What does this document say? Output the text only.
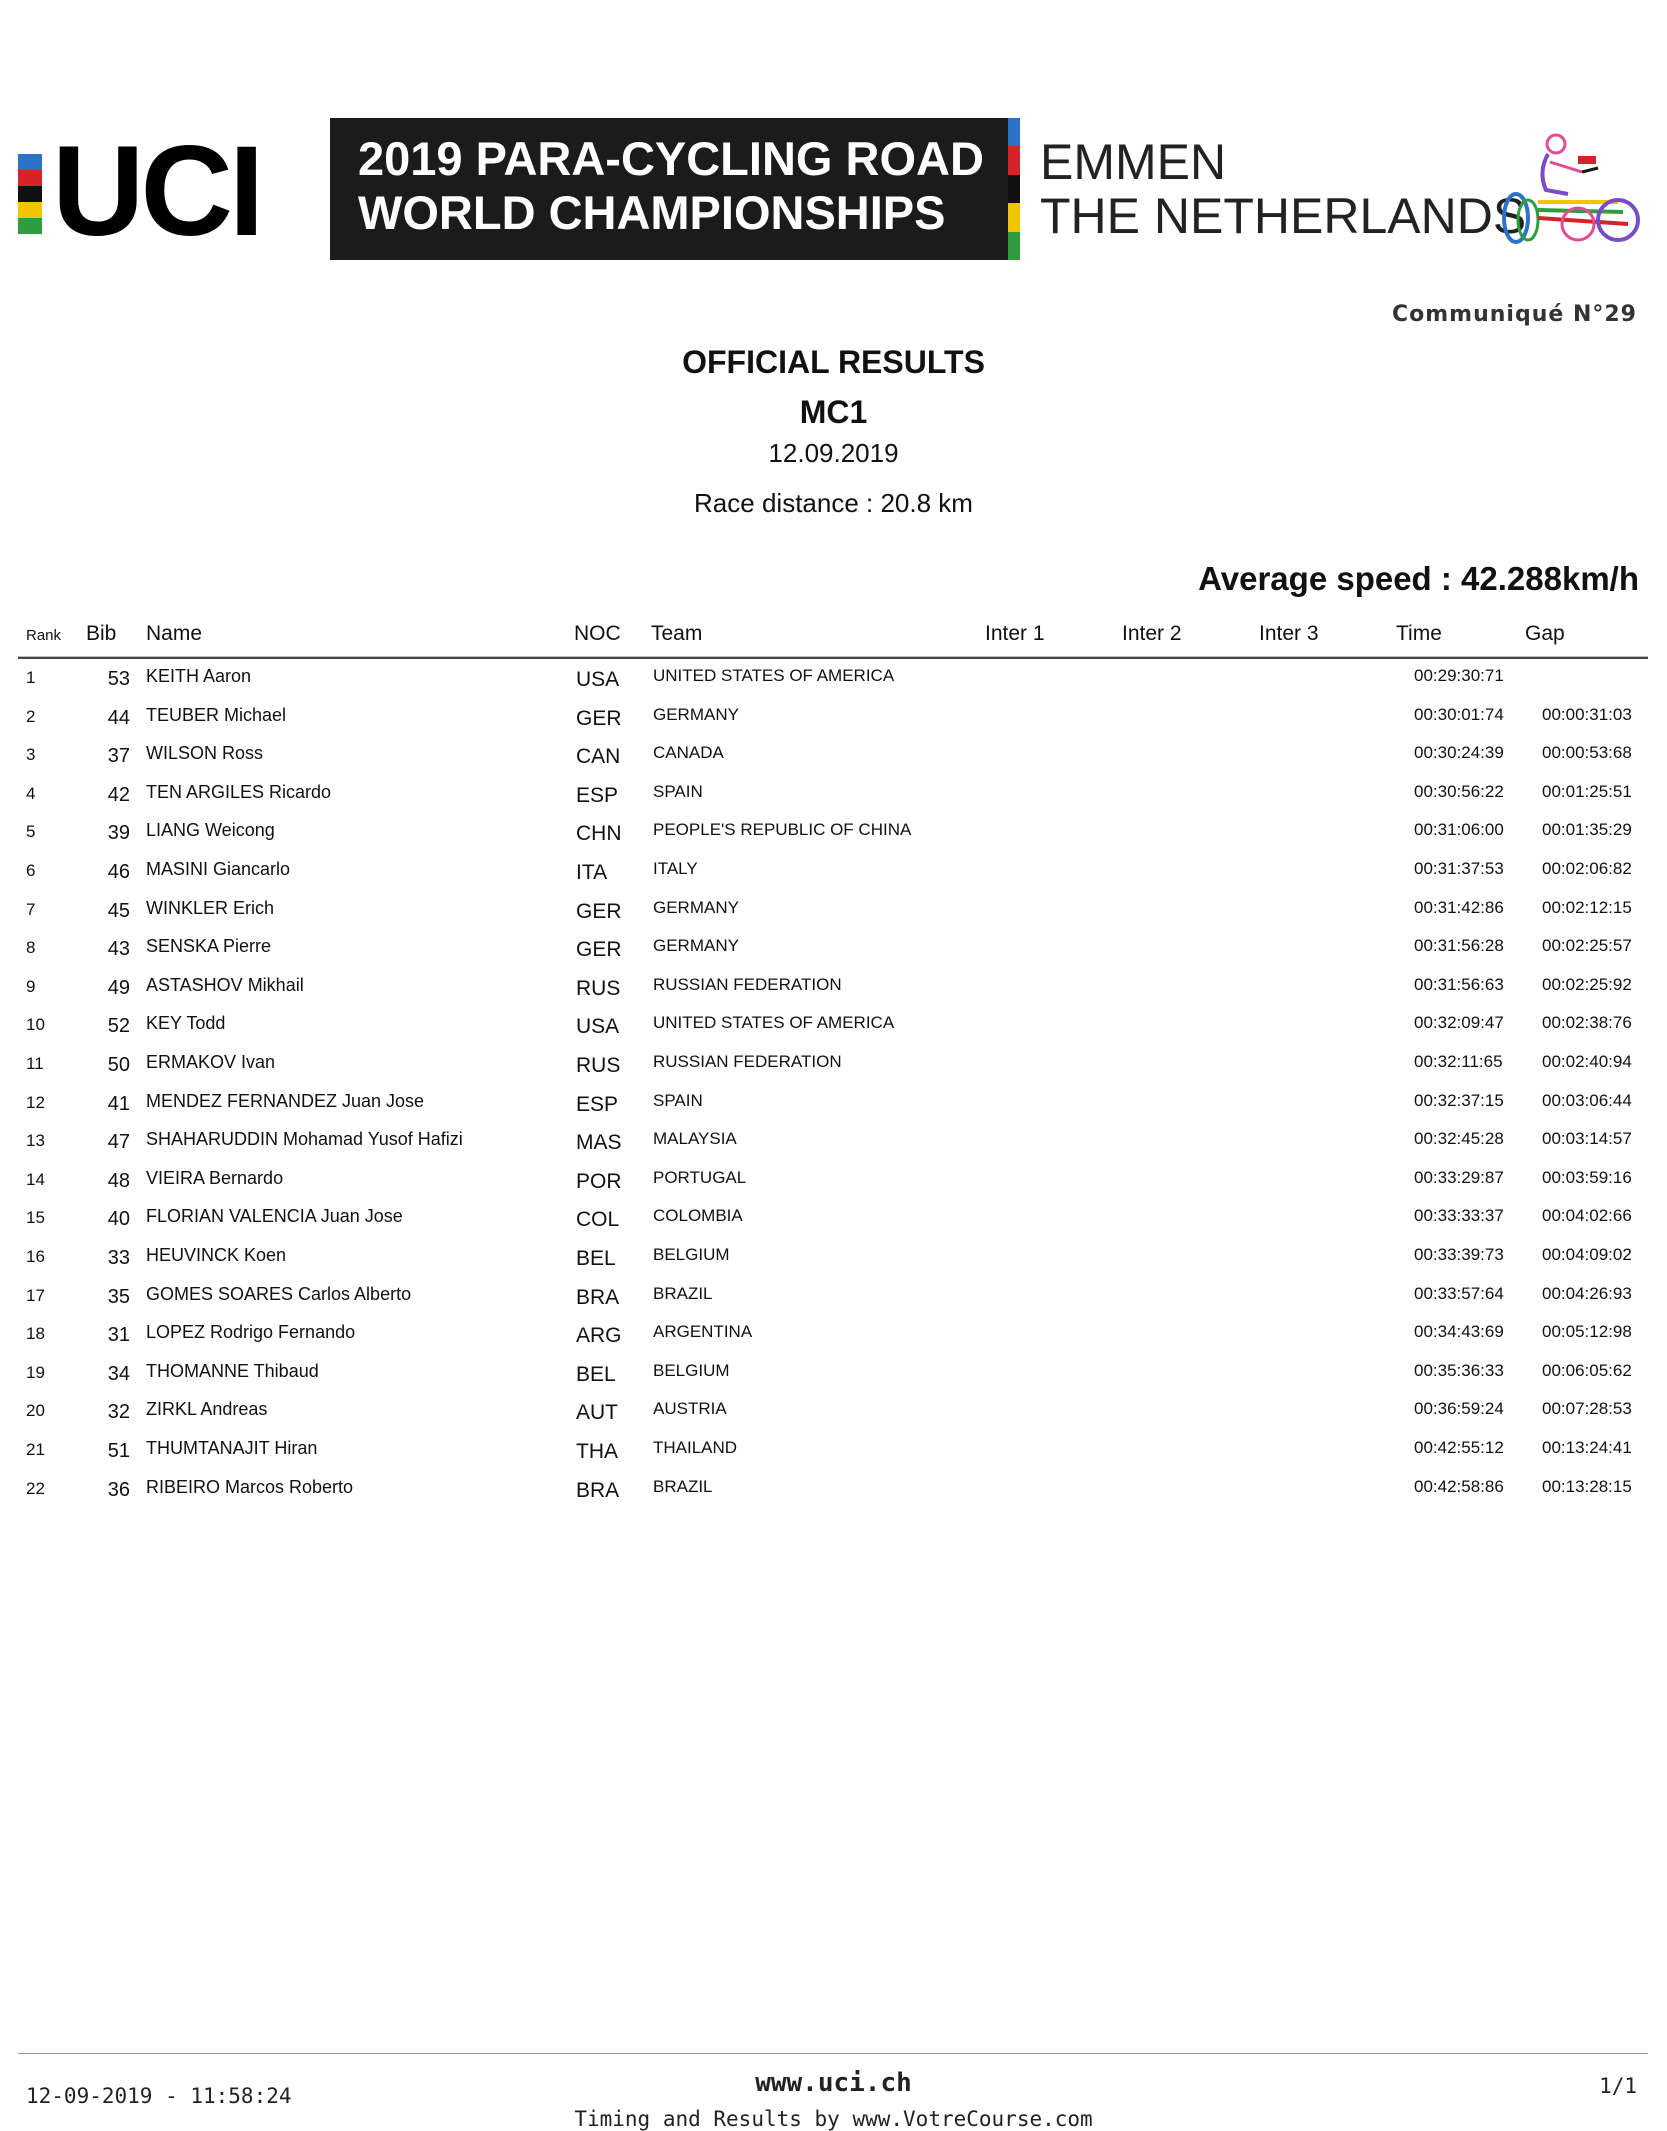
UCI 2019 PARA-CYCLING ROAD
WORLD CHAMPIONSHIPS
EMMEN
THE NETHERLANDS
Communiqué N°29
OFFICIAL RESULTS
MC1
12.09.2019
Race distance : 20.8 km
Average speed : 42.288km/h
Rank Bib Name	NOC Team	Inter 1	Inter 2	Inter 3	Time	Gap
1	53 KEITH Aaron	USA UNITED STATES OF AMERICA	00:29:30:71
2	44 TEUBER Michael	GER GERMANY	00:30:01:74 00:00:31:03
3	37 WILSON Ross	CAN CANADA	00:30:24:39 00:00:53:68
4	42 TEN ARGILES Ricardo	ESP SPAIN	00:30:56:22 00:01:25:51
5	39 LIANG Weicong	CHN PEOPLE'S REPUBLIC OF CHINA	00:31:06:00 00:01:35:29
6	46 MASINI Giancarlo	ITA	ITALY	00:31:37:53 00:02:06:82
7	45 WINKLER Erich	GER GERMANY	00:31:42:86 00:02:12:15
8	43 SENSKA Pierre	GER GERMANY	00:31:56:28 00:02:25:57
9	49 ASTASHOV Mikhail	RUS RUSSIAN FEDERATION	00:31:56:63 00:02:25:92
10	52 KEY Todd	USA UNITED STATES OF AMERICA	00:32:09:47 00:02:38:76
11	50 ERMAKOV Ivan	RUS RUSSIAN FEDERATION	00:32:11:65 00:02:40:94
12	41 MENDEZ FERNANDEZ Juan Jose	ESP SPAIN	00:32:37:15 00:03:06:44
13	47 SHAHARUDDIN Mohamad Yusof Hafizi	MAS MALAYSIA	00:32:45:28 00:03:14:57
14	48 VIEIRA Bernardo	POR PORTUGAL	00:33:29:87 00:03:59:16
15	40 FLORIAN VALENCIA Juan Jose	COL COLOMBIA	00:33:33:37 00:04:02:66
16	33 HEUVINCK Koen	BEL BELGIUM	00:33:39:73 00:04:09:02
17	35 GOMES SOARES Carlos Alberto	BRA BRAZIL	00:33:57:64 00:04:26:93
18	31 LOPEZ Rodrigo Fernando	ARG ARGENTINA	00:34:43:69 00:05:12:98
19	34 THOMANNE Thibaud	BEL BELGIUM	00:35:36:33 00:06:05:62
20	32 ZIRKL Andreas	AUT AUSTRIA	00:36:59:24 00:07:28:53
21	51 THUMTANAJIT Hiran	THA THAILAND	00:42:55:12 00:13:24:41
22	36 RIBEIRO Marcos Roberto	BRA BRAZIL	00:42:58:86 00:13:28:15
12-09-2019 - 11:58:24	www.uci.ch
Timing and Results by www.VotreCourse.com
1/1
